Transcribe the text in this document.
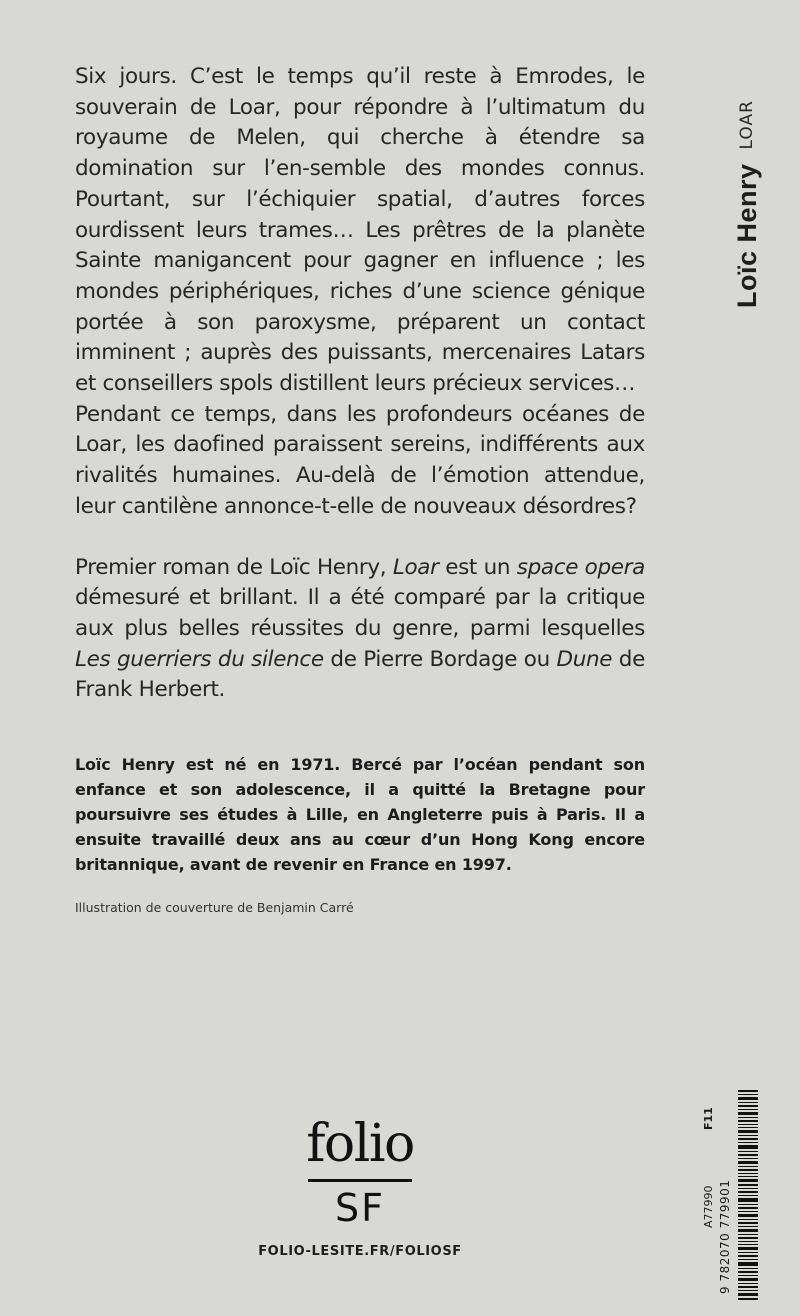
Loïc Henry
LOAR

Six jours. C’est le temps qu’il reste à Emrodes, le souverain de Loar, pour répondre à l’ultimatum du royaume de Melen, qui cherche à étendre sa domination sur l’en-semble des mondes connus. Pourtant, sur l’échiquier spatial, d’autres forces ourdissent leurs trames… Les prêtres de la planète Sainte manigancent pour gagner en influence ; les mondes périphériques, riches d’une science génique portée à son paroxysme, préparent un contact imminent ; auprès des puissants, mercenaires Latars et conseillers spols distillent leurs précieux services…

Pendant ce temps, dans les profondeurs océanes de Loar, les daofined paraissent sereins, indifférents aux rivalités humaines. Au-delà de l’émotion attendue, leur cantilène annonce-t-elle de nouveaux désordres?

Premier roman de Loïc Henry, Loar est un space opera démesuré et brillant. Il a été comparé par la critique aux plus belles réussites du genre, parmi lesquelles Les guerriers du silence de Pierre Bordage ou Dune de Frank Herbert.

Loïc Henry est né en 1971. Bercé par l’océan pendant son enfance et son adolescence, il a quitté la Bretagne pour poursuivre ses études à Lille, en Angleterre puis à Paris. Il a ensuite travaillé deux ans au cœur d’un Hong Kong encore britannique, avant de revenir en France en 1997.

Illustration de couverture de Benjamin Carré

folio
SF

FOLIO-LESITE.FR/FOLIOSF

A77990
F11
9 782070 779901
